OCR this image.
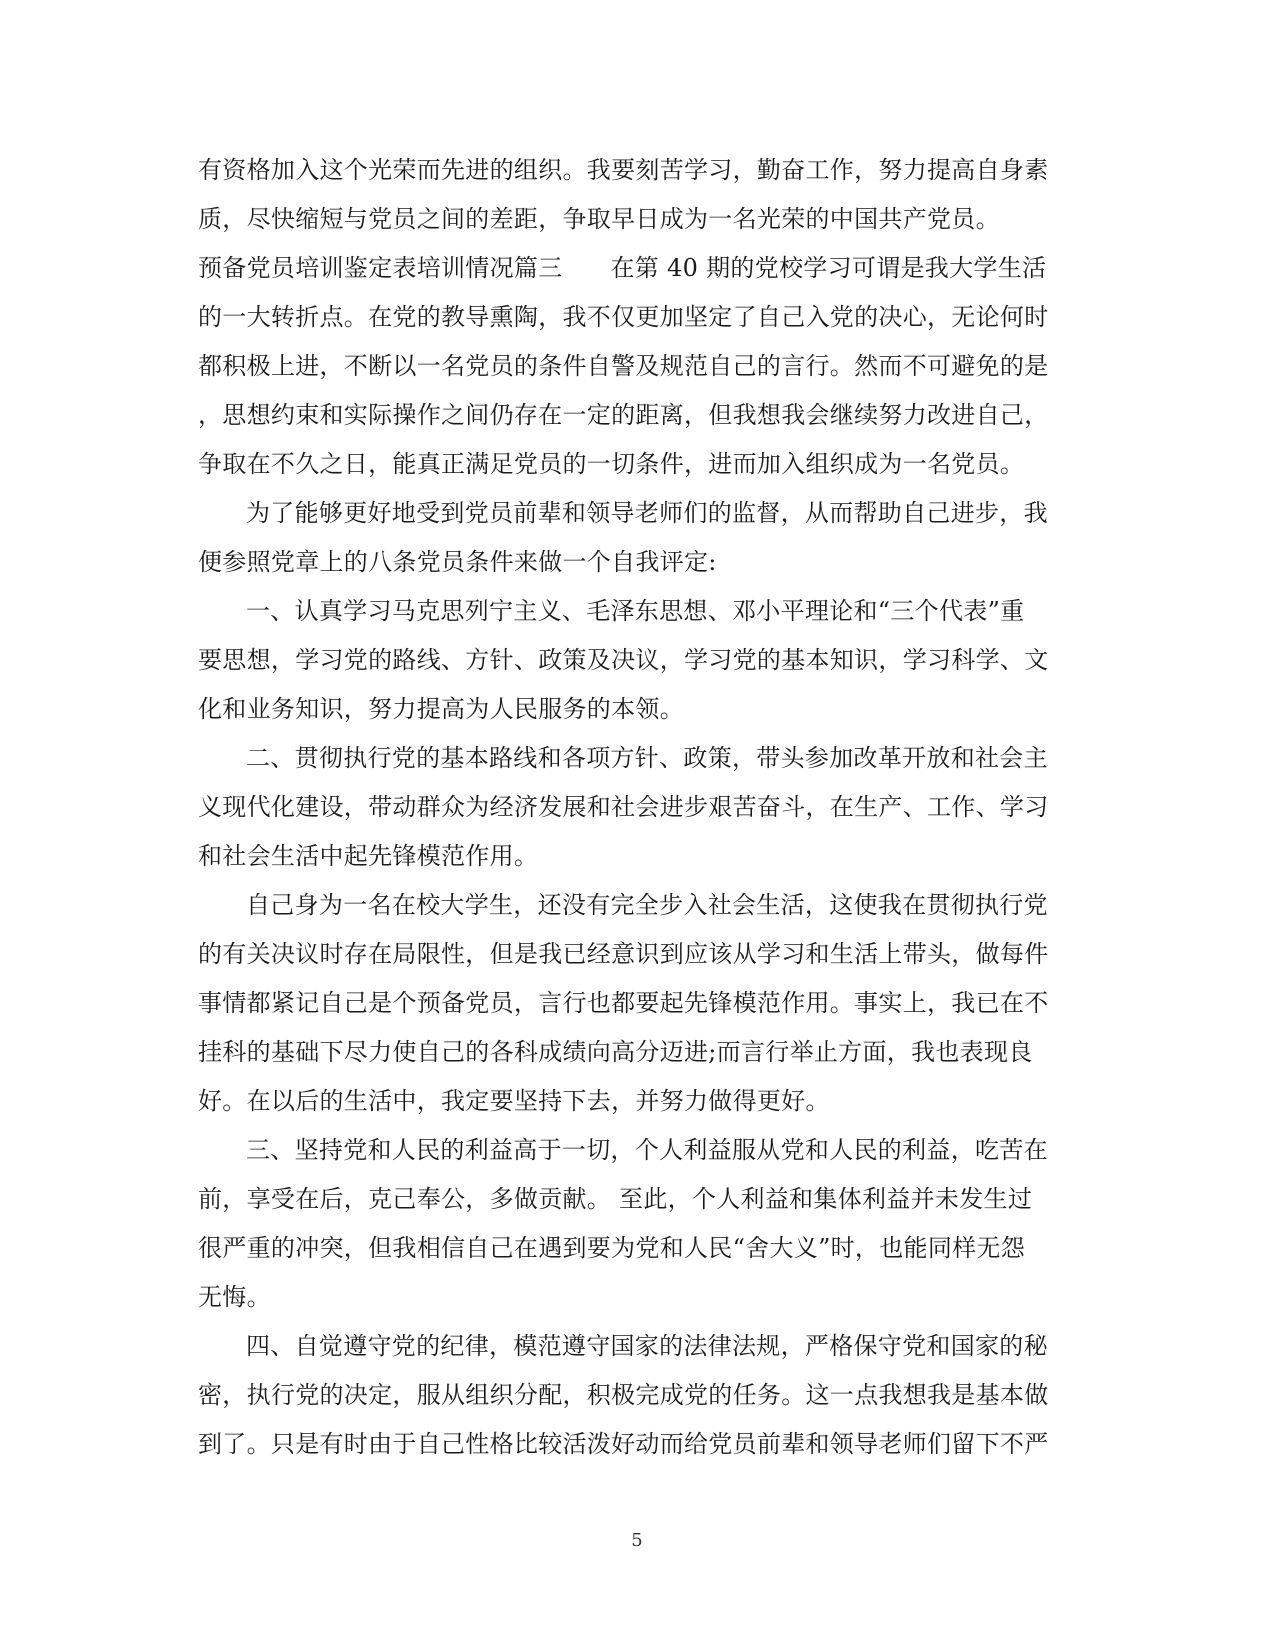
有资格加入这个光荣而先进的组织。我要刻苦学习，勤奋工作，努力提高自身素
质，尽快缩短与党员之间的差距，争取早日成为一名光荣的中国共产党员。
预备党员培训鉴定表培训情况篇三 在第 40 期的党校学习可谓是我大学生活
的一大转折点。在党的教导熏陶，我不仅更加坚定了自己入党的决心，无论何时
都积极上进，不断以一名党员的条件自警及规范自己的言行。然而不可避免的是
，思想约束和实际操作之间仍存在一定的距离，但我想我会继续努力改进自己，
争取在不久之日，能真正满足党员的一切条件，进而加入组织成为一名党员。
为了能够更好地受到党员前辈和领导老师们的监督，从而帮助自己进步，我
便参照党章上的八条党员条件来做一个自我评定:
一、认真学习马克思列宁主义、毛泽东思想、邓小平理论和“三个代表”重
要思想，学习党的路线、方针、政策及决议，学习党的基本知识，学习科学、文
化和业务知识，努力提高为人民服务的本领。
二、贯彻执行党的基本路线和各项方针、政策，带头参加改革开放和社会主
义现代化建设，带动群众为经济发展和社会进步艰苦奋斗，在生产、工作、学习
和社会生活中起先锋模范作用。
自己身为一名在校大学生，还没有完全步入社会生活，这使我在贯彻执行党
的有关决议时存在局限性，但是我已经意识到应该从学习和生活上带头，做每件
事情都紧记自己是个预备党员，言行也都要起先锋模范作用。事实上，我已在不
挂科的基础下尽力使自己的各科成绩向高分迈进;而言行举止方面，我也表现良
好。在以后的生活中，我定要坚持下去，并努力做得更好。
三、坚持党和人民的利益高于一切，个人利益服从党和人民的利益，吃苦在
前，享受在后，克己奉公，多做贡献。 至此，个人利益和集体利益并未发生过
很严重的冲突，但我相信自己在遇到要为党和人民“舍大义”时，也能同样无怨
无悔。
四、自觉遵守党的纪律，模范遵守国家的法律法规，严格保守党和国家的秘
密，执行党的决定，服从组织分配，积极完成党的任务。这一点我想我是基本做
到了。只是有时由于自己性格比较活泼好动而给党员前辈和领导老师们留下不严
5
